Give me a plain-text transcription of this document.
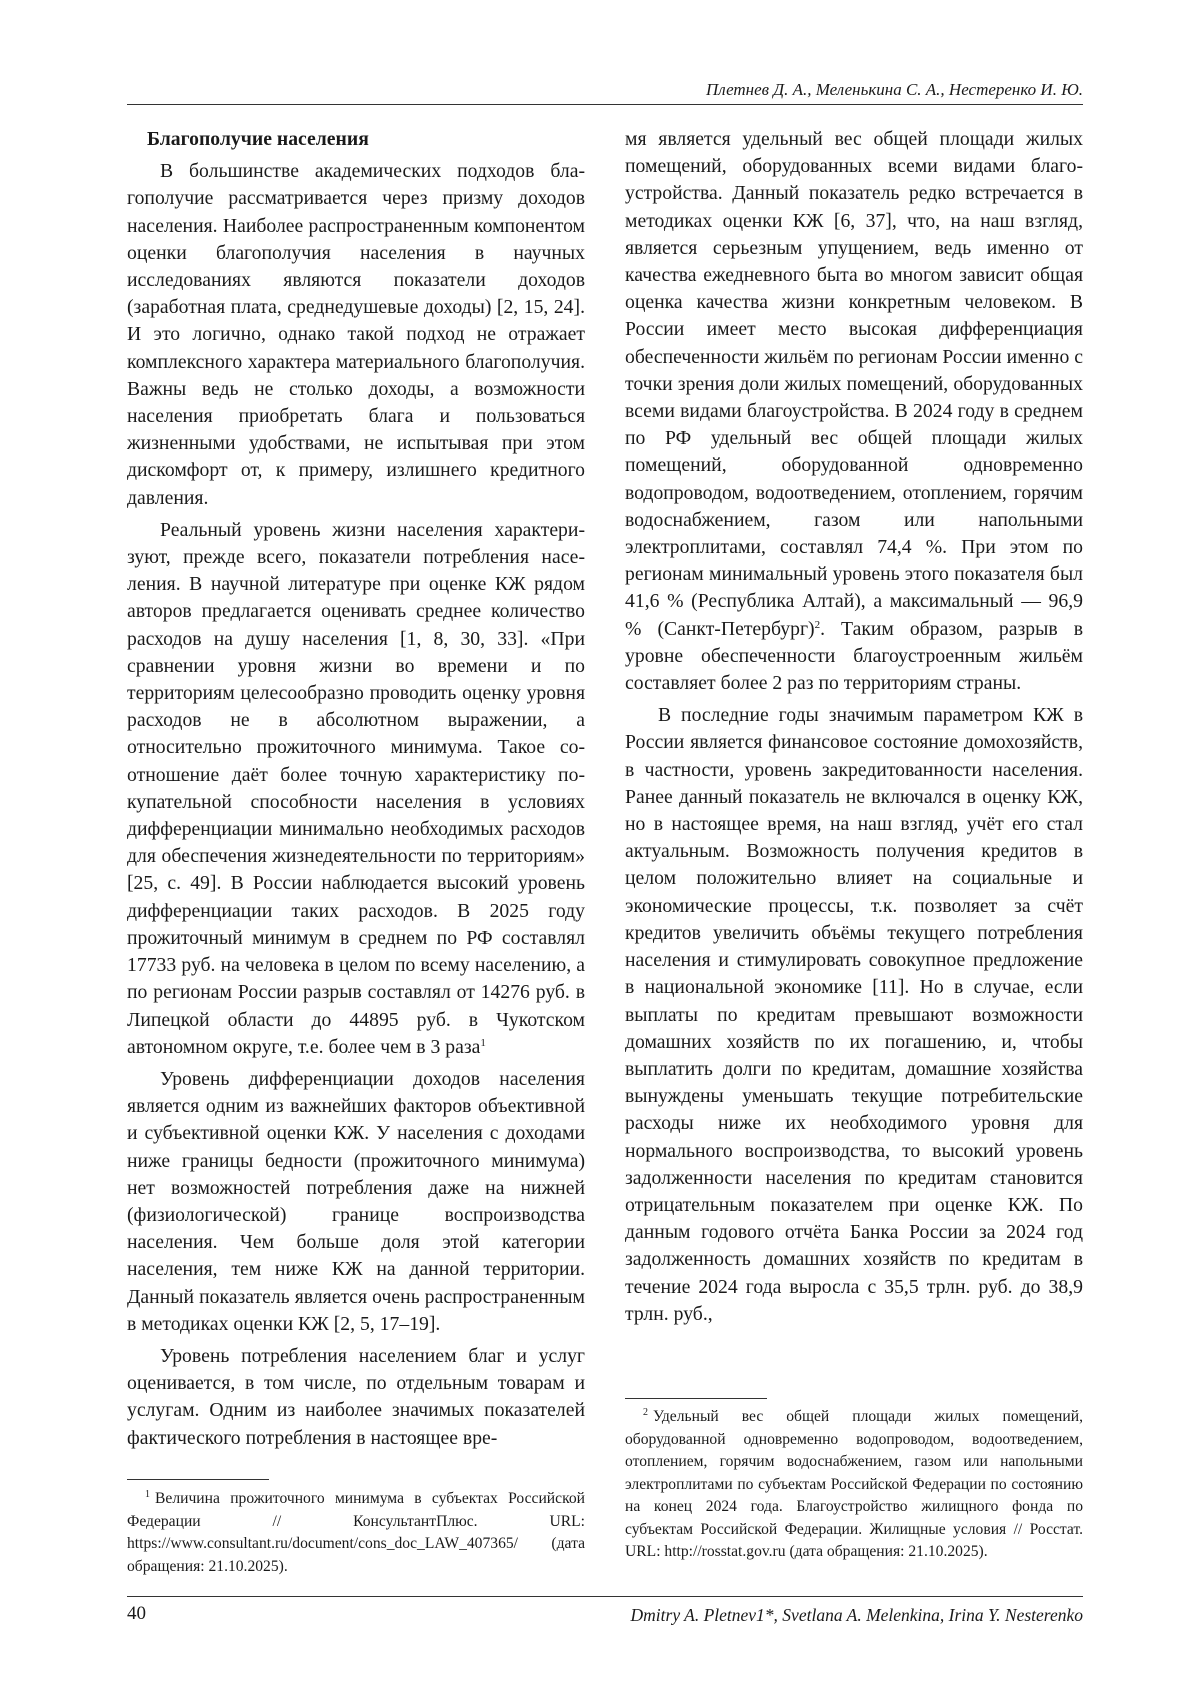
Плетнев Д. А., Меленькина С. А., Нестеренко И. Ю.

Благополучие населения

В большинстве академических подходов благополучие рассматривается через призму доходов населения. Наиболее распространенным компонентом оценки благополучия населения в научных исследованиях являются показатели доходов (заработная плата, среднедушевые доходы) [2, 15, 24]. И это логично, однако такой подход не отражает комплексного характера материального благополучия. Важны ведь не столько доходы, а возможности населения приобретать блага и пользоваться жизненными удобствами, не испытывая при этом дискомфорт от, к примеру, излишнего кредитного давления.

Реальный уровень жизни населения характеризуют, прежде всего, показатели потребления населения. В научной литературе при оценке КЖ рядом авторов предлагается оценивать среднее количество расходов на душу населения [1, 8, 30, 33]. «При сравнении уровня жизни во времени и по территориям целесообразно проводить оценку уровня расходов не в абсолютном выражении, а относительно прожиточного минимума. Такое соотношение даёт более точную характеристику покупательной способности населения в условиях дифференциации минимально необходимых расходов для обеспечения жизнедеятельности по территориям» [25, с. 49]. В России наблюдается высокий уровень дифференциации таких расходов. В 2025 году прожиточный минимум в среднем по РФ составлял 17733 руб. на человека в целом по всему населению, а по регионам России разрыв составлял от 14276 руб. в Липецкой области до 44895 руб. в Чукотском автономном округе, т.е. более чем в 3 раза$^1$

Уровень дифференциации доходов населения является одним из важнейших факторов объективной и субъективной оценки КЖ. У населения с доходами ниже границы бедности (прожиточного минимума) нет возможностей потребления даже на нижней (физиологической) границе воспроизводства населения. Чем больше доля этой категории населения, тем ниже КЖ на данной территории. Данный показатель является очень распространенным в методиках оценки КЖ [2, 5, 17–19].

Уровень потребления населением благ и услуг оценивается, в том числе, по отдельным товарам и услугам. Одним из наиболее значимых показателей фактического потребления в настоящее вре-

мя является удельный вес общей площади жилых помещений, оборудованных всеми видами благоустройства. Данный показатель редко встречается в методиках оценки КЖ [6, 37], что, на наш взгляд, является серьезным упущением, ведь именно от качества ежедневного быта во многом зависит общая оценка качества жизни конкретным человеком. В России имеет место высокая дифференциация обеспеченности жильём по регионам России именно с точки зрения доли жилых помещений, оборудованных всеми видами благоустройства. В 2024 году в среднем по РФ удельный вес общей площади жилых помещений, оборудованной одновременно водопроводом, водоотведением, отоплением, горячим водоснабжением, газом или напольными электроплитами, составлял 74,4 %. При этом по регионам минимальный уровень этого показателя был 41,6 % (Республика Алтай), а максимальный — 96,9 % (Санкт-Петербург)$^2$. Таким образом, разрыв в уровне обеспеченности благоустроенным жильём составляет более 2 раз по территориям страны.

В последние годы значимым параметром КЖ в России является финансовое состояние домохозяйств, в частности, уровень закредитованности населения. Ранее данный показатель не включался в оценку КЖ, но в настоящее время, на наш взгляд, учёт его стал актуальным. Возможность получения кредитов в целом положительно влияет на социальные и экономические процессы, т.к. позволяет за счёт кредитов увеличить объёмы текущего потребления населения и стимулировать совокупное предложение в национальной экономике [11]. Но в случае, если выплаты по кредитам превышают возможности домашних хозяйств по их погашению, и, чтобы выплатить долги по кредитам, домашние хозяйства вынуждены уменьшать текущие потребительские расходы ниже их необходимого уровня для нормального воспроизводства, то высокий уровень задолженности населения по кредитам становится отрицательным показателем при оценке КЖ. По данным годового отчёта Банка России за 2024 год задолженность домашних хозяйств по кредитам в течение 2024 года выросла с 35,5 трлн. руб. до 38,9 трлн. руб.,

$^2$ Удельный вес общей площади жилых помещений, оборудованной одновременно водопроводом, водоотведением, отоплением, горячим водоснабжением, газом или напольными электроплитами по субъектам Российской Федерации по состоянию на конец 2024 года. Благоустройство жилищного фонда по субъектам Российской Федерации. Жилищные условия // Росстат. URL: http://rosstat.gov.ru (дата обращения: 21.10.2025).

$^1$ Величина прожиточного минимума в субъектах Российской Федерации // КонсультантПлюс. URL: https://www.consultant.ru/document/cons_doc_LAW_407365/ (дата обращения: 21.10.2025).

40	Dmitry A. Pletnev1*, Svetlana A. Melenkina, Irina Y. Nesterenko
